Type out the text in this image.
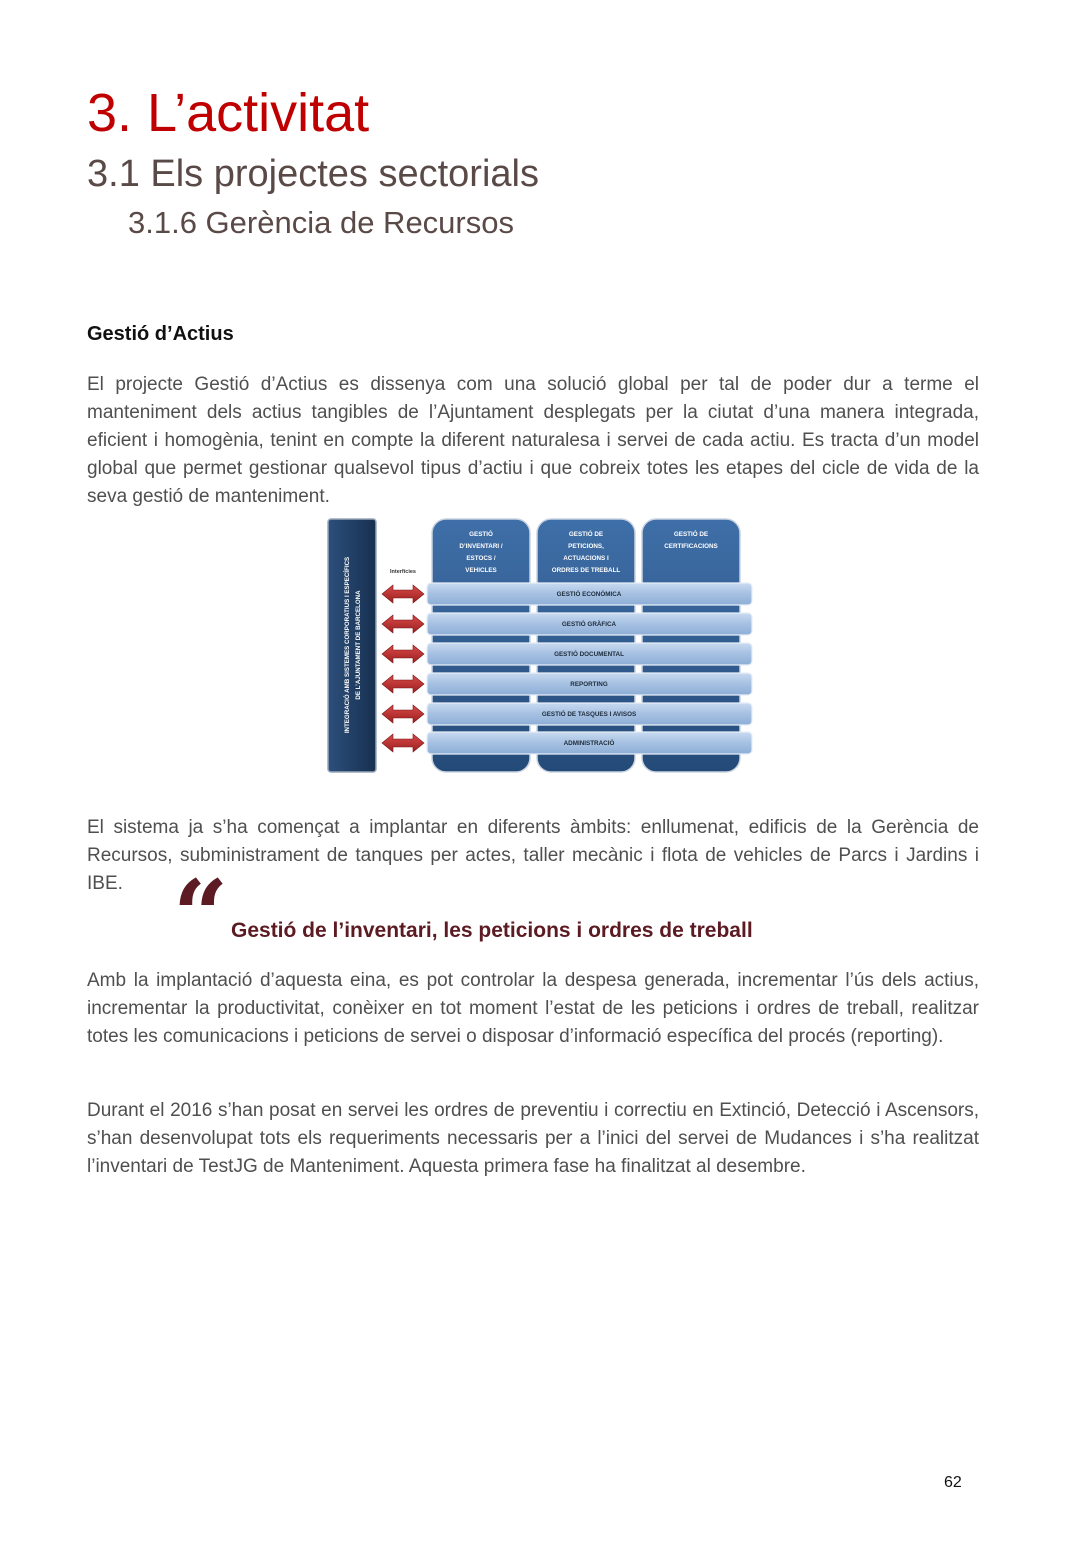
3. L’activitat
3.1 Els projectes sectorials
3.1.6 Gerència de Recursos
Gestió d’Actius

El projecte Gestió d’Actius es dissenya com una solució global per tal de poder dur a terme el manteniment dels actius tangibles de l’Ajuntament desplegats per la ciutat d’una manera integrada, eficient i homogènia, tenint en compte la diferent naturalesa i servei de cada actiu. Es tracta d’un model global que permet gestionar qualsevol tipus d’actiu i que cobreix totes les etapes del cicle de vida de la seva gestió de manteniment.

INTEGRACIÓ AMB SISTEMES CORPORATIUS I ESPECÍFICS DE L’AJUNTAMENT DE BARCELONA
Interfícies
GESTIÓ
D’INVENTARI /
ESTOCS /
VEHICLES
GESTIÓ DE
PETICIONS,
ACTUACIONS I
ORDRES DE TREBALL
GESTIÓ DE
CERTIFICACIONS
GESTIÓ ECONÒMICA
GESTIÓ GRÀFICA
GESTIÓ DOCUMENTAL
REPORTING
GESTIÓ DE TASQUES I AVISOS
ADMINISTRACIÓ

El sistema ja s’ha començat a implantar en diferents àmbits: enllumenat, edificis de la Gerència de Recursos, subministrament de tanques per actes, taller mecànic i flota de vehicles de Parcs i Jardins i IBE. “ Gestió de l’inventari, les peticions i ordres de treball

Amb la implantació d’aquesta eina, es pot controlar la despesa generada, incrementar l’ús dels actius, incrementar la productivitat, conèixer en tot moment l’estat de les peticions i ordres de treball, realitzar totes les comunicacions i peticions de servei o disposar d’informació específica del procés (reporting).

Durant el 2016 s’han posat en servei les ordres de preventiu i correctiu en Extinció, Detecció i Ascensors, s’han desenvolupat tots els requeriments necessaris per a l’inici del servei de Mudances i s’ha realitzat l’inventari de TestJG de Manteniment. Aquesta primera fase ha finalitzat al desembre.

62
